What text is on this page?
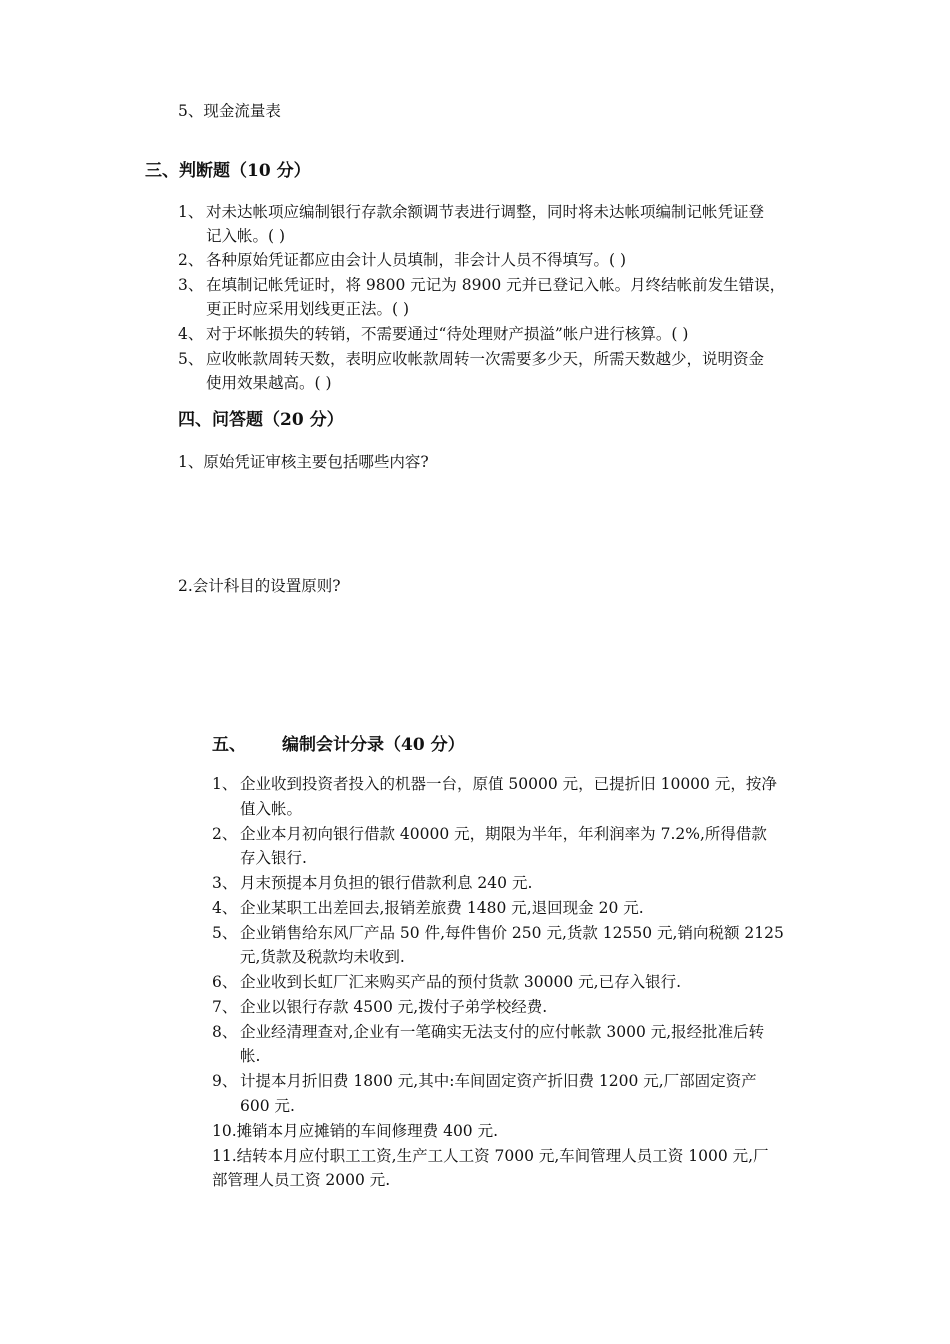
5、现金流量表
三、判断题（10 分）
1、 对未达帐项应编制银行存款余额调节表进行调整，同时将未达帐项编制记帐凭证登
记入帐。( )
2、 各种原始凭证都应由会计人员填制，非会计人员不得填写。( )
3、 在填制记帐凭证时，将 9800 元记为 8900 元并已登记入帐。月终结帐前发生错误，
更正时应采用划线更正法。( )
4、 对于坏帐损失的转销，不需要通过“待处理财产损溢”帐户进行核算。( )
5、 应收帐款周转天数，表明应收帐款周转一次需要多少天，所需天数越少，说明资金
使用效果越高。( )
四、问答题（20 分）
1、原始凭证审核主要包括哪些内容?
2.会计科目的设置原则?
五、 编制会计分录（40 分）
1、 企业收到投资者投入的机器一台，原值 50000 元，已提折旧 10000 元，按净
值入帐。
2、 企业本月初向银行借款 40000 元，期限为半年，年利润率为 7.2%,所得借款
存入银行.
3、 月末预提本月负担的银行借款利息 240 元.
4、 企业某职工出差回去,报销差旅费 1480 元,退回现金 20 元.
5、 企业销售给东风厂产品 50 件,每件售价 250 元,货款 12550 元,销向税额 2125
元,货款及税款均未收到.
6、 企业收到长虹厂汇来购买产品的预付货款 30000 元,已存入银行.
7、 企业以银行存款 4500 元,拨付子弟学校经费.
8、 企业经清理查对,企业有一笔确实无法支付的应付帐款 3000 元,报经批准后转
帐.
9、 计提本月折旧费 1800 元,其中:车间固定资产折旧费 1200 元,厂部固定资产
600 元.
10.摊销本月应摊销的车间修理费 400 元.
11.结转本月应付职工工资,生产工人工资 7000 元,车间管理人员工资 1000 元,厂
部管理人员工资 2000 元.
